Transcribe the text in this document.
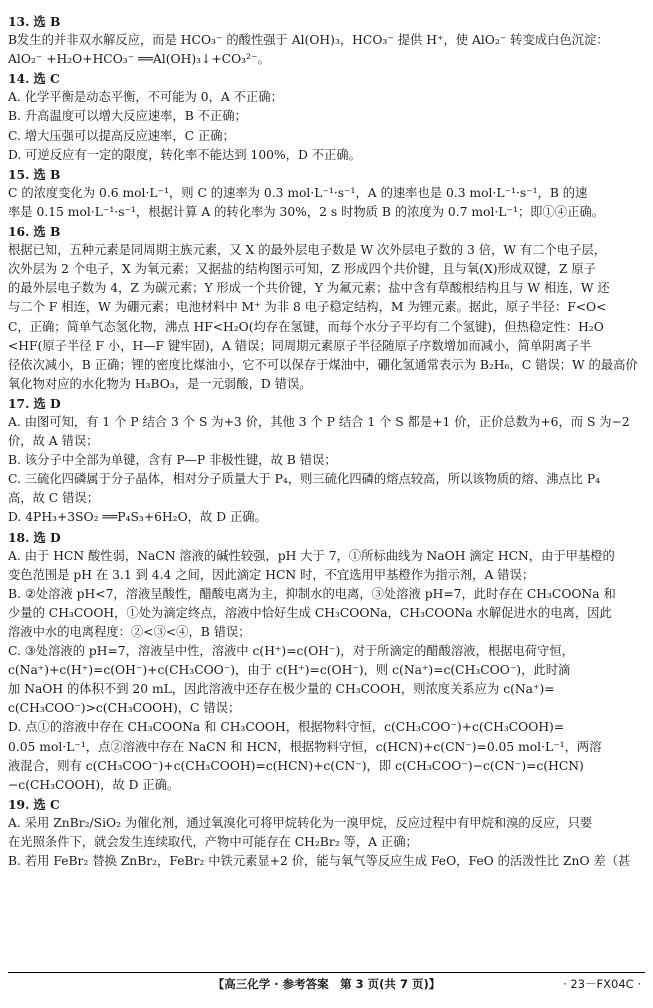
13. 选 B

B发生的并非双水解反应，而是 HCO₃⁻ 的酸性强于 Al(OH)₃，HCO₃⁻ 提供 H⁺，使 AlO₂⁻ 转变成白色沉淀：

AlO₂⁻ +H₂O+HCO₃⁻ ══Al(OH)₃↓+CO₃²⁻。

14. 选 C

A. 化学平衡是动态平衡，不可能为 0，A 不正确；

B. 升高温度可以增大反应速率，B 不正确；

C. 增大压强可以提高反应速率，C 正确；

D. 可逆反应有一定的限度，转化率不能达到 100%，D 不正确。

15. 选 B

C 的浓度变化为 0.6 mol·L⁻¹，则 C 的速率为 0.3 mol·L⁻¹·s⁻¹，A 的速率也是 0.3 mol·L⁻¹·s⁻¹，B 的速

率是 0.15 mol·L⁻¹·s⁻¹，根据计算 A 的转化率为 30%，2 s 时物质 B 的浓度为 0.7 mol·L⁻¹；即①④正确。

16. 选 B

根据已知，五种元素是同周期主族元素，又 X 的最外层电子数是 W 次外层电子数的 3 倍，W 有二个电子层，

次外层为 2 个电子，X 为氧元素；又据盐的结构图示可知，Z 形成四个共价键，且与氧(X)形成双键，Z 原子

的最外层电子数为 4，Z 为碳元素；Y 形成一个共价键，Y 为氟元素；盐中含有草酸根结构且与 W 相连，W 还

与二个 F 相连，W 为硼元素；电池材料中 M⁺ 为非 8 电子稳定结构，M 为锂元素。据此，原子半径：F<O<

C，正确；简单气态氢化物，沸点 HF<H₂O(均存在氢键，而每个水分子平均有二个氢键)，但热稳定性：H₂O

<HF(原子半径 F 小，H—F 键牢固)，A 错误；同周期元素原子半径随原子序数增加而减小，简单阴离子半

径依次减小，B 正确；锂的密度比煤油小，它不可以保存于煤油中，硼化氢通常表示为 B₂H₆，C 错误；W 的最高价

氧化物对应的水化物为 H₃BO₃，是一元弱酸，D 错误。

17. 选 D

A. 由图可知，有 1 个 P 结合 3 个 S 为+3 价，其他 3 个 P 结合 1 个 S 都是+1 价，正价总数为+6，而 S 为−2

价，故 A 错误；

B. 该分子中全部为单键，含有 P—P 非极性键，故 B 错误；

C. 三硫化四磷属于分子晶体，相对分子质量大于 P₄，则三硫化四磷的熔点较高，所以该物质的熔、沸点比 P₄

高，故 C 错误；

D. 4PH₃+3SO₂ ══P₄S₃+6H₂O，故 D 正确。

18. 选 D

A. 由于 HCN 酸性弱，NaCN 溶液的碱性较强，pH 大于 7，①所标曲线为 NaOH 滴定 HCN，由于甲基橙的

变色范围是 pH 在 3.1 到 4.4 之间，因此滴定 HCN 时，不宜选用甲基橙作为指示剂，A 错误；

B. ②处溶液 pH<7，溶液呈酸性，醋酸电离为主，抑制水的电离，③处溶液 pH=7，此时存在 CH₃COONa 和

少量的 CH₃COOH，①处为滴定终点，溶液中恰好生成 CH₃COONa，CH₃COONa 水解促进水的电离，因此

溶液中水的电离程度：②<③<④，B 错误；

C. ③处溶液的 pH=7，溶液呈中性，溶液中 c(H⁺)=c(OH⁻)，对于所滴定的醋酸溶液，根据电荷守恒，

c(Na⁺)+c(H⁺)=c(OH⁻)+c(CH₃COO⁻)，由于 c(H⁺)=c(OH⁻)，则 c(Na⁺)=c(CH₃COO⁻)，此时滴

加 NaOH 的体积不到 20 mL，因此溶液中还存在极少量的 CH₃COOH，则浓度关系应为 c(Na⁺)=

c(CH₃COO⁻)>c(CH₃COOH)，C 错误；

D. 点①的溶液中存在 CH₃COONa 和 CH₃COOH，根据物料守恒，c(CH₃COO⁻)+c(CH₃COOH)=

0.05 mol·L⁻¹，点②溶液中存在 NaCN 和 HCN，根据物料守恒，c(HCN)+c(CN⁻)=0.05 mol·L⁻¹，两溶

液混合，则有 c(CH₃COO⁻)+c(CH₃COOH)=c(HCN)+c(CN⁻)，即 c(CH₃COO⁻)−c(CN⁻)=c(HCN)

−c(CH₃COOH)，故 D 正确。

19. 选 C

A. 采用 ZnBr₂/SiO₂ 为催化剂，通过氧溴化可将甲烷转化为一溴甲烷，反应过程中有甲烷和溴的反应，只要

在光照条件下，就会发生连续取代，产物中可能存在 CH₂Br₂ 等，A 正确；

B. 若用 FeBr₂ 替换 ZnBr₂，FeBr₂ 中铁元素显+2 价，能与氧气等反应生成 FeO，FeO 的活泼性比 ZnO 差（甚

【高三化学 · 参考答案　第 3 页(共 7 页)】	· 23－FX04C ·
